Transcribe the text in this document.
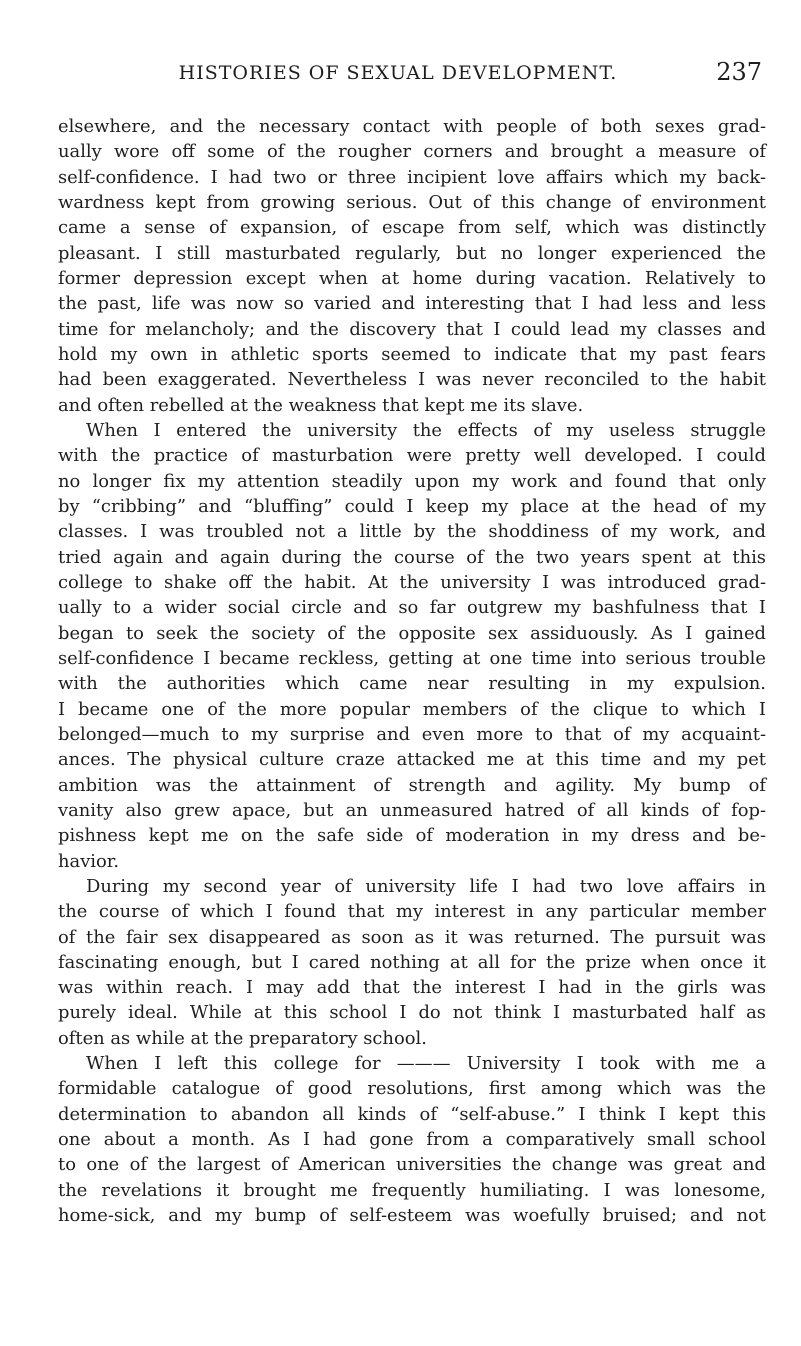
HISTORIES OF SEXUAL DEVELOPMENT.	237
elsewhere, and the necessary contact with people of both sexes grad-
ually wore off some of the rougher corners and brought a measure of
self-confidence. I had two or three incipient love affairs which my back-
wardness kept from growing serious. Out of this change of environment
came a sense of expansion, of escape from self, which was distinctly
pleasant. I still masturbated regularly, but no longer experienced the
former depression except when at home during vacation. Relatively to
the past, life was now so varied and interesting that I had less and less
time for melancholy; and the discovery that I could lead my classes and
hold my own in athletic sports seemed to indicate that my past fears
had been exaggerated. Nevertheless I was never reconciled to the habit
and often rebelled at the weakness that kept me its slave.
When I entered the university the effects of my useless struggle
with the practice of masturbation were pretty well developed. I could
no longer fix my attention steadily upon my work and found that only
by “cribbing” and “bluffing” could I keep my place at the head of my
classes. I was troubled not a little by the shoddiness of my work, and
tried again and again during the course of the two years spent at this
college to shake off the habit. At the university I was introduced grad-
ually to a wider social circle and so far outgrew my bashfulness that I
began to seek the society of the opposite sex assiduously. As I gained
self-confidence I became reckless, getting at one time into serious trouble
with the authorities which came near resulting in my expulsion.
I became one of the more popular members of the clique to which I
belonged—much to my surprise and even more to that of my acquaint-
ances. The physical culture craze attacked me at this time and my pet
ambition was the attainment of strength and agility. My bump of
vanity also grew apace, but an unmeasured hatred of all kinds of fop-
pishness kept me on the safe side of moderation in my dress and be-
havior.
During my second year of university life I had two love affairs in
the course of which I found that my interest in any particular member
of the fair sex disappeared as soon as it was returned. The pursuit was
fascinating enough, but I cared nothing at all for the prize when once it
was within reach. I may add that the interest I had in the girls was
purely ideal. While at this school I do not think I masturbated half as
often as while at the preparatory school.
When I left this college for ——— University I took with me a
formidable catalogue of good resolutions, first among which was the
determination to abandon all kinds of “self-abuse.” I think I kept this
one about a month. As I had gone from a comparatively small school
to one of the largest of American universities the change was great and
the revelations it brought me frequently humiliating. I was lonesome,
home-sick, and my bump of self-esteem was woefully bruised; and not
